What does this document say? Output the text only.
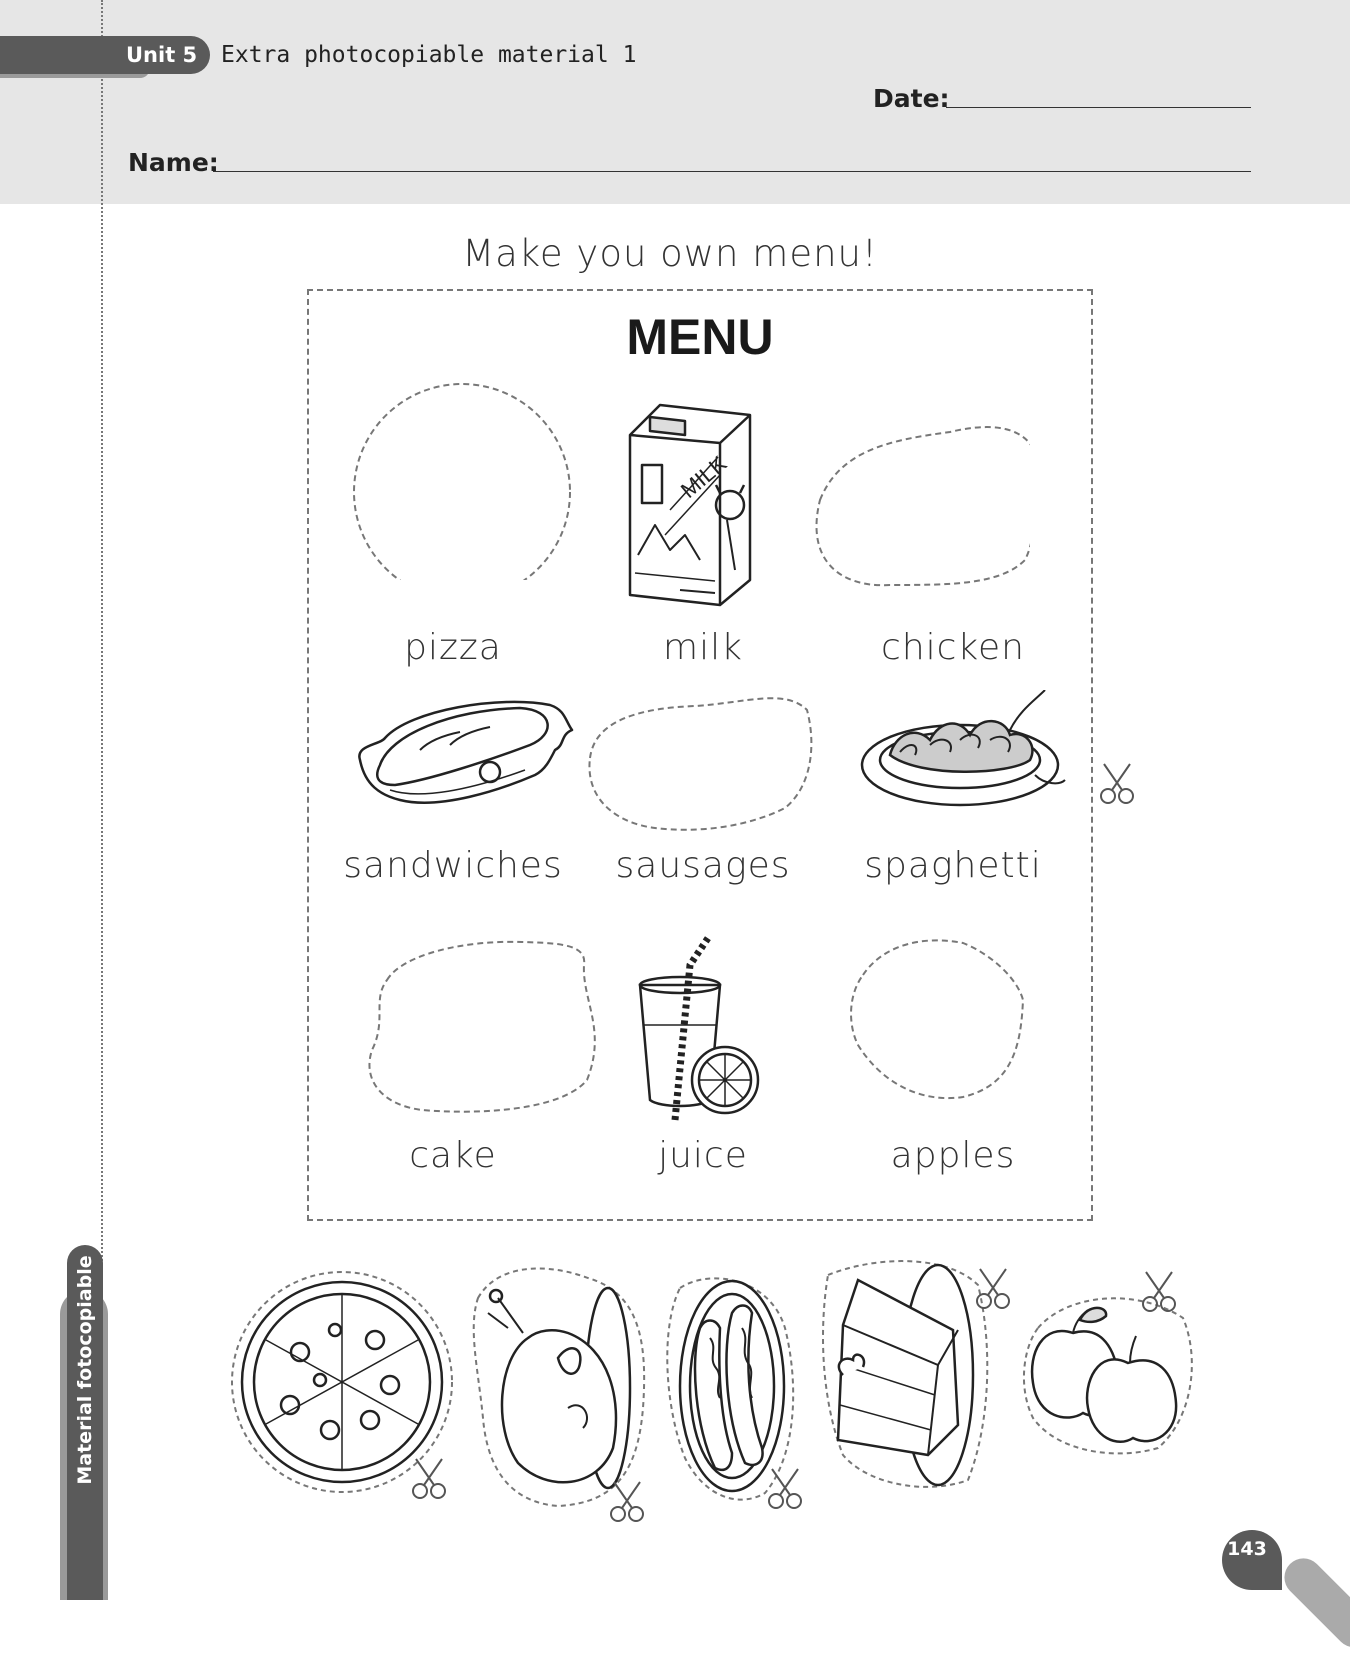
Unit 5 Extra photocopiable material 1
Date:
Name:
Make you own menu!
MENU
MILK
pizza	milk	chicken
sandwiches	sausages	spaghetti
cake	juice	apples
Material fotocopiable
143
